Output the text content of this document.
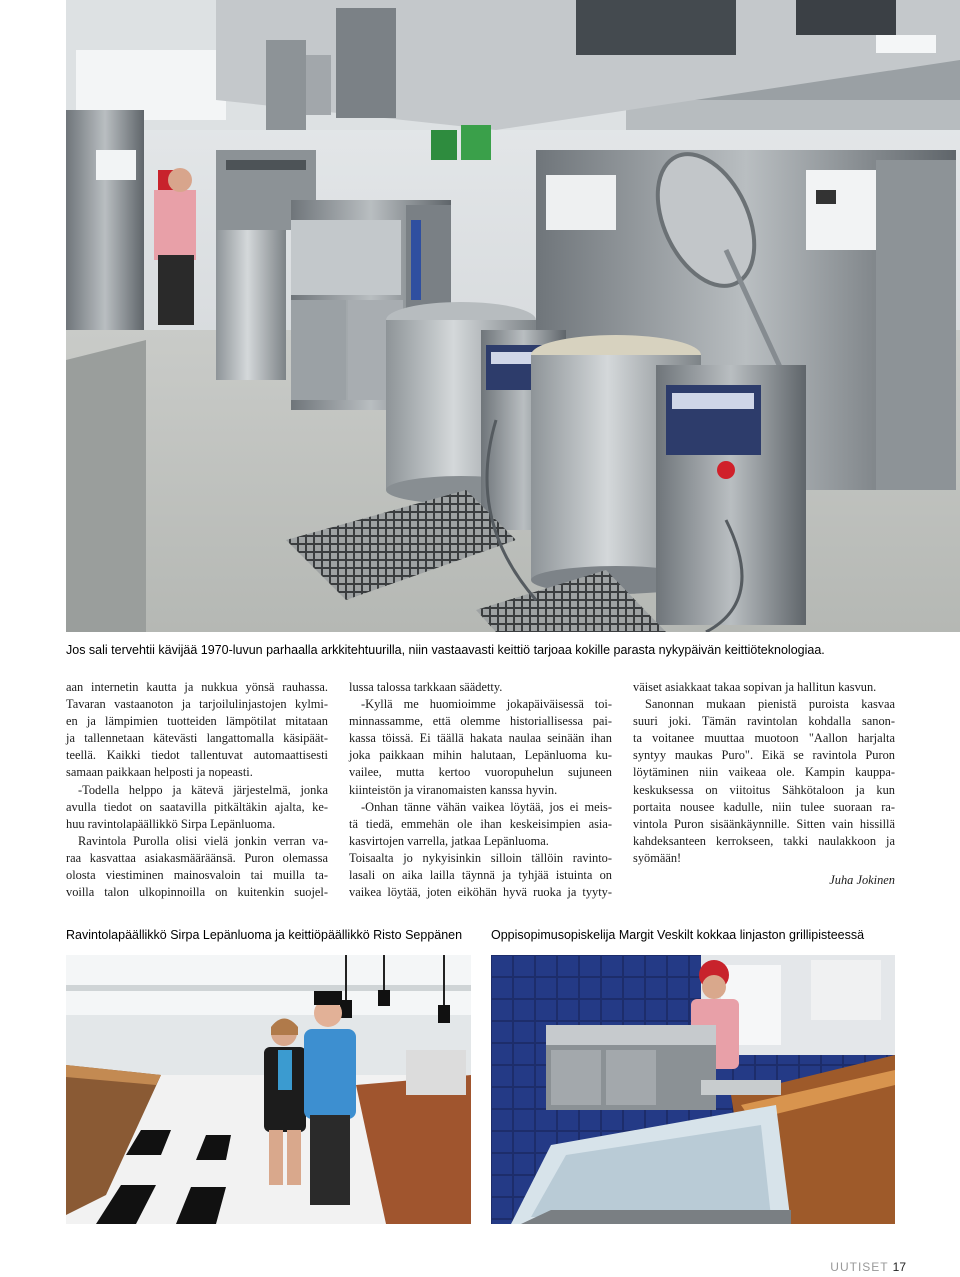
Jos sali tervehtii kävijää 1970-luvun parhaalla arkkitehtuurilla, niin vastaavasti keittiö tarjoaa kokille parasta nykypäivän keittiöteknologiaa.

aan internetin kautta ja nukkua yönsä rauhassa.
Tavaran vastaanoton ja tarjoilulinjastojen kylmi-
en ja lämpimien tuotteiden lämpötilat mitataan
ja tallennetaan kätevästi langattomalla käsipäät-
teellä. Kaikki tiedot tallentuvat automaattisesti
samaan paikkaan helposti ja nopeasti.

-Todella helppo ja kätevä järjestelmä, jonka
avulla tiedot on saatavilla pitkältäkin ajalta, ke-
huu ravintolapäällikkö Sirpa Lepänluoma.

Ravintola Purolla olisi vielä jonkin verran va-
raa kasvattaa asiakasmääräänsä. Puron olemassa
olosta viestiminen mainosvaloin tai muilla ta-
voilla talon ulkopinnoilla on kuitenkin suojel-

lussa talossa tarkkaan säädetty.

-Kyllä me huomioimme jokapäiväisessä toi-
minnassamme, että olemme historiallisessa pai-
kassa töissä. Ei täällä hakata naulaa seinään ihan
joka paikkaan mihin halutaan, Lepänluoma ku-
vailee, mutta kertoo vuoropuhelun sujuneen
kiinteistön ja viranomaisten kanssa hyvin.

-Onhan tänne vähän vaikea löytää, jos ei meis-
tä tiedä, emmehän ole ihan keskeisimpien asia-
kasvirtojen varrella, jatkaa Lepänluoma.

Toisaalta jo nykyisinkin silloin tällöin ravinto-
lasali on aika lailla täynnä ja tyhjää istuinta on
vaikea löytää, joten eiköhän hyvä ruoka ja tyyty-

väiset asiakkaat takaa sopivan ja hallitun kasvun.

Sanonnan mukaan pienistä puroista kasvaa
suuri joki. Tämän ravintolan kohdalla sanon-
ta voitanee muuttaa muotoon "Aallon harjalta
syntyy maukas Puro". Eikä se ravintola Puron
löytäminen niin vaikeaa ole. Kampin kauppa-
keskuksessa on viitoitus Sähkötaloon ja kun
portaita nousee kadulle, niin tulee suoraan ra-
vintola Puron sisäänkäynnille. Sitten vain hissillä
kahdeksanteen kerrokseen, takki naulakkoon ja
syömään!

Juha Jokinen

Ravintolapäällikkö Sirpa Lepänluoma ja keittiöpäällikkö Risto Seppänen Oppisopimusopiskelija Margit Veskilt kokkaa linjaston grillipisteessä

UUTISET 17
